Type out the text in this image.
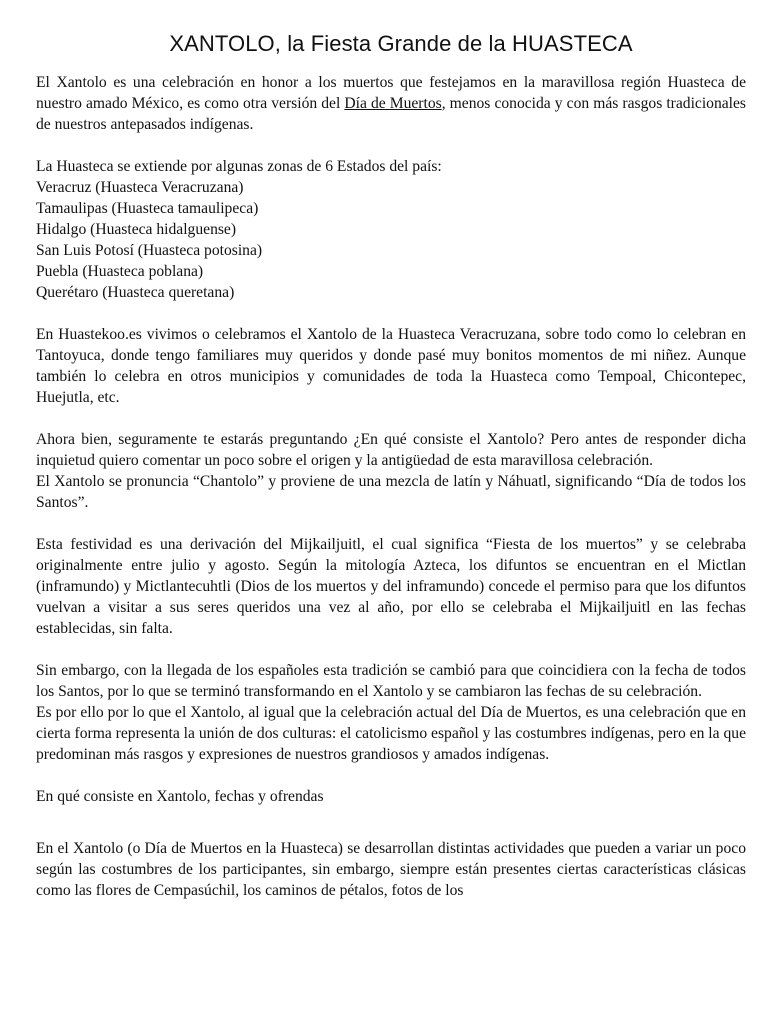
XANTOLO, la Fiesta Grande de la HUASTECA

El Xantolo es una celebración en honor a los muertos que festejamos en la maravillosa región Huasteca de nuestro amado México, es como otra versión del Día de Muertos, menos conocida y con más rasgos tradicionales de nuestros antepasados indígenas.

La Huasteca se extiende por algunas zonas de 6 Estados del país:

Veracruz (Huasteca Veracruzana)
Tamaulipas (Huasteca tamaulipeca)
Hidalgo (Huasteca hidalguense)
San Luis Potosí (Huasteca potosina)
Puebla (Huasteca poblana)
Querétaro (Huasteca queretana)

En Huastekoo.es vivimos o celebramos el Xantolo de la Huasteca Veracruzana, sobre todo como lo celebran en Tantoyuca, donde tengo familiares muy queridos y donde pasé muy bonitos momentos de mi niñez. Aunque también lo celebra en otros municipios y comunidades de toda la Huasteca como Tempoal, Chicontepec, Huejutla, etc.

Ahora bien, seguramente te estarás preguntando ¿En qué consiste el Xantolo? Pero antes de responder dicha inquietud quiero comentar un poco sobre el origen y la antigüedad de esta maravillosa celebración.

El Xantolo se pronuncia “Chantolo” y proviene de una mezcla de latín y Náhuatl, significando “Día de todos los Santos”.

Esta festividad es una derivación del Mijkailjuitl, el cual significa “Fiesta de los muertos” y se celebraba originalmente entre julio y agosto. Según la mitología Azteca, los difuntos se encuentran en el Mictlan (inframundo) y Mictlantecuhtli (Dios de los muertos y del inframundo) concede el permiso para que los difuntos vuelvan a visitar a sus seres queridos una vez al año, por ello se celebraba el Mijkailjuitl en las fechas establecidas, sin falta.

Sin embargo, con la llegada de los españoles esta tradición se cambió para que coincidiera con la fecha de todos los Santos, por lo que se terminó transformando en el Xantolo y se cambiaron las fechas de su celebración.

Es por ello por lo que el Xantolo, al igual que la celebración actual del Día de Muertos, es una celebración que en cierta forma representa la unión de dos culturas: el catolicismo español y las costumbres indígenas, pero en la que predominan más rasgos y expresiones de nuestros grandiosos y amados indígenas.

En qué consiste en Xantolo, fechas y ofrendas

En el Xantolo (o Día de Muertos en la Huasteca) se desarrollan distintas actividades que pueden a variar un poco según las costumbres de los participantes, sin embargo, siempre están presentes ciertas características clásicas como las flores de Cempasúchil, los caminos de pétalos, fotos de los
